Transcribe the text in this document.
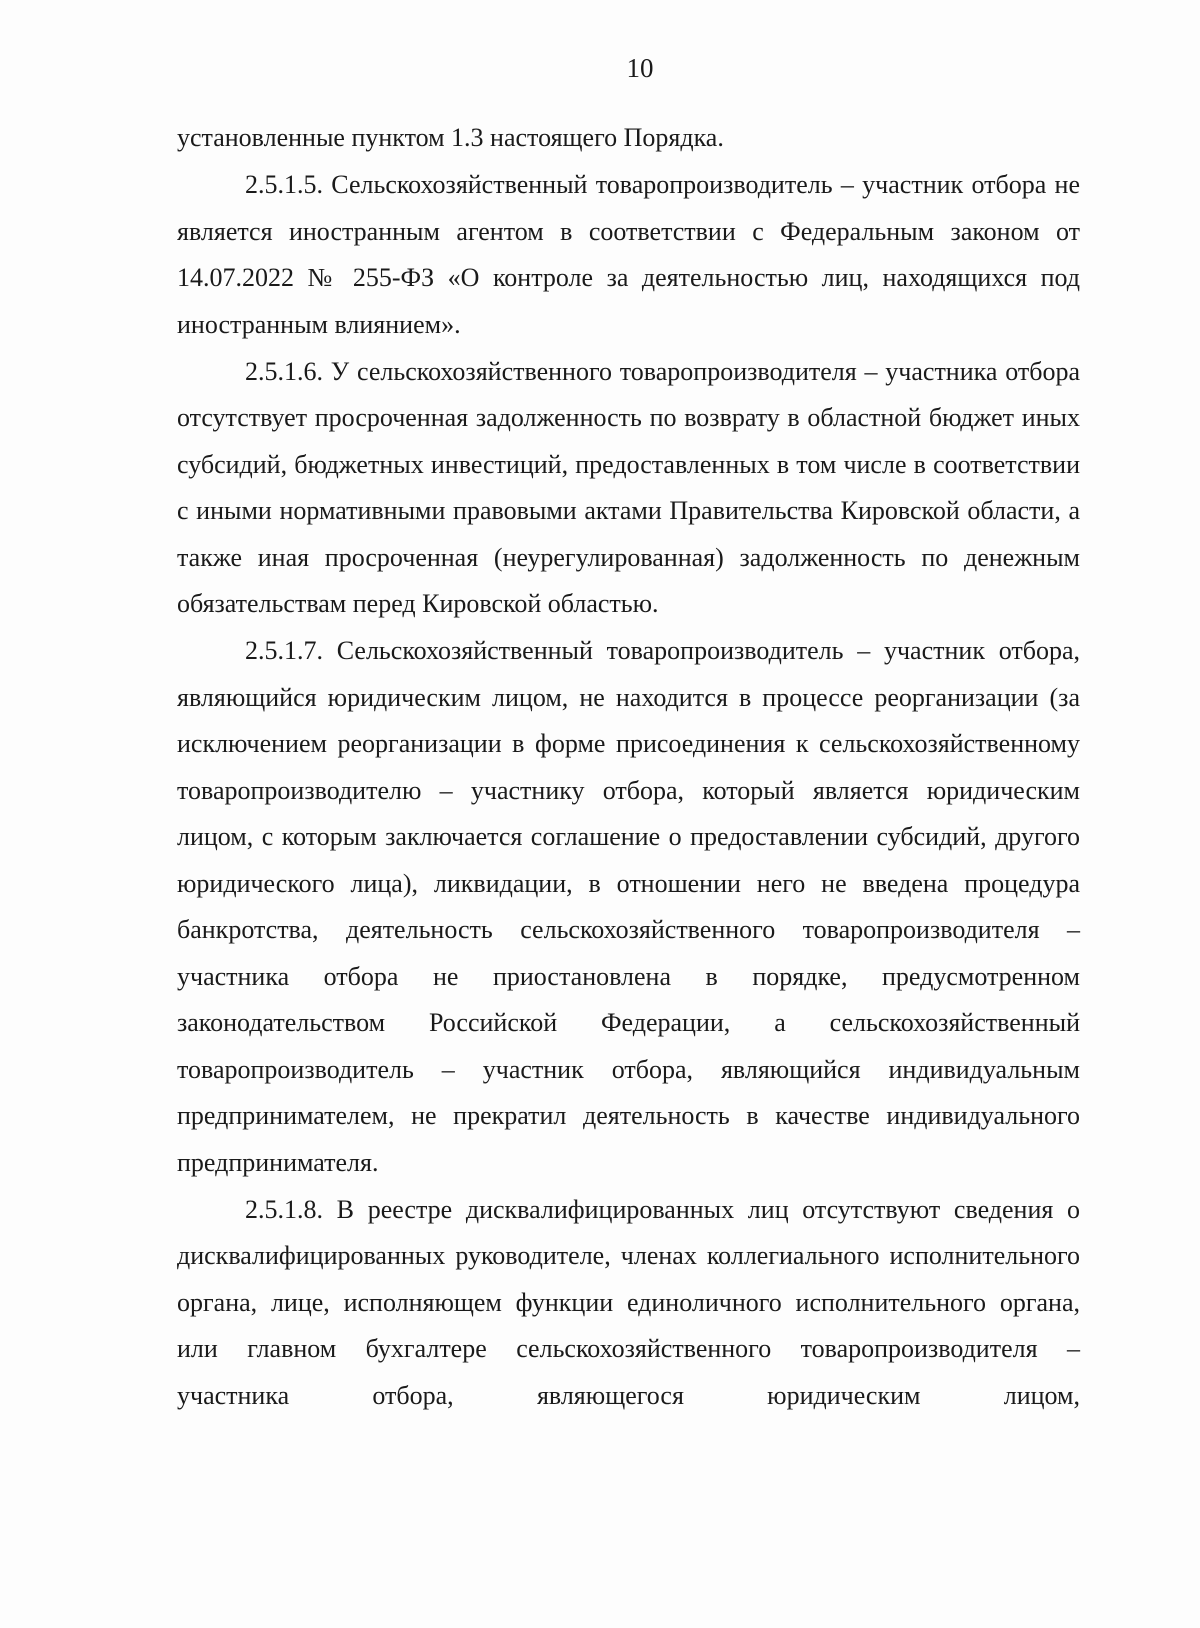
10

установленные пунктом 1.3 настоящего Порядка.

2.5.1.5. Сельскохозяйственный товаропроизводитель – участник отбора не является иностранным агентом в соответствии с Федеральным законом от 14.07.2022 № 255-ФЗ «О контроле за деятельностью лиц, находящихся под иностранным влиянием».

2.5.1.6. У сельскохозяйственного товаропроизводителя – участника отбора отсутствует просроченная задолженность по возврату в областной бюджет иных субсидий, бюджетных инвестиций, предоставленных в том числе в соответствии с иными нормативными правовыми актами Правительства Кировской области, а также иная просроченная (неурегулированная) задолженность по денежным обязательствам перед Кировской областью.

2.5.1.7. Сельскохозяйственный товаропроизводитель – участник отбора, являющийся юридическим лицом, не находится в процессе реорганизации (за исключением реорганизации в форме присоединения к сельскохозяйственному товаропроизводителю – участнику отбора, который является юридическим лицом, с которым заключается соглашение о предоставлении субсидий, другого юридического лица), ликвидации, в отношении него не введена процедура банкротства, деятельность сельскохозяйственного товаропроизводителя – участника отбора не приостановлена в порядке, предусмотренном законодательством Российской Федерации, а сельскохозяйственный товаропроизводитель – участник отбора, являющийся индивидуальным предпринимателем, не прекратил деятельность в качестве индивидуального предпринимателя.

2.5.1.8. В реестре дисквалифицированных лиц отсутствуют сведения о дисквалифицированных руководителе, членах коллегиального исполнительного органа, лице, исполняющем функции единоличного исполнительного органа, или главном бухгалтере сельскохозяйственного товаропроизводителя – участника отбора, являющегося юридическим лицом,
